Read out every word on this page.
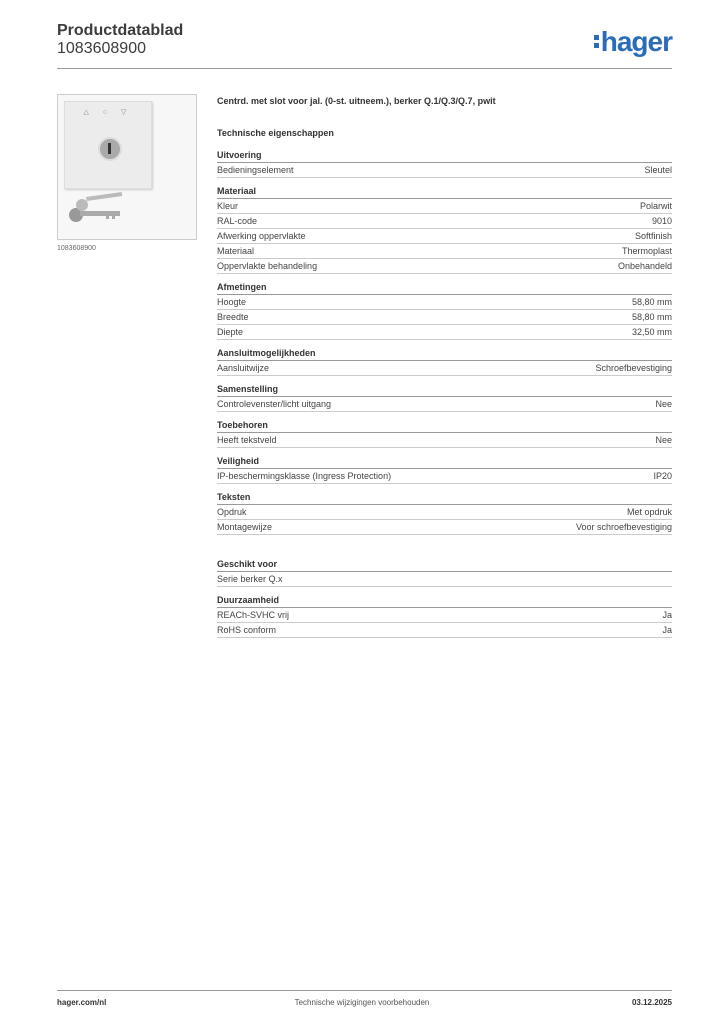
Productdatablad
1083608900	hager
△ ○ ▽
1083608900
Centrd. met slot voor jal. (0-st. uitneem.), berker Q.1/Q.3/Q.7, pwit
Technische eigenschappen
Uitvoering
Bedieningselement	Sleutel
Materiaal
Kleur	Polarwit
RAL-code	9010
Afwerking oppervlakte	Softfinish
Materiaal	Thermoplast
Oppervlakte behandeling	Onbehandeld
Afmetingen
Hoogte	58,80 mm
Breedte	58,80 mm
Diepte	32,50 mm
Aansluitmogelijkheden
Aansluitwijze	Schroefbevestiging
Samenstelling
Controlevenster/licht uitgang	Nee
Toebehoren
Heeft tekstveld	Nee
Veiligheid
IP-beschermingsklasse (Ingress Protection)	IP20
Teksten
Opdruk	Met opdruk
Montagewijze	Voor schroefbevestiging
Geschikt voor
Serie berker Q.x
Duurzaamheid
REACh-SVHC vrij	Ja
RoHS conform	Ja
hager.com/nl	Technische wijzigingen voorbehouden	03.12.2025
